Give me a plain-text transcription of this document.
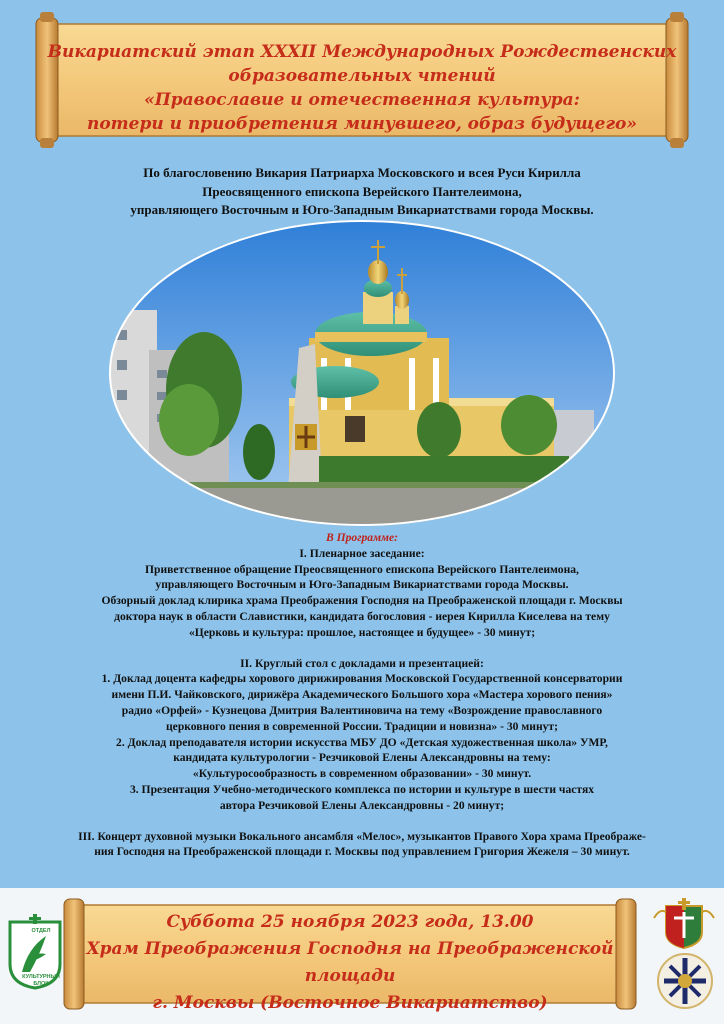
Викариатский этап XXXII Международных Рождественских
образовательных чтений
«Православие и отечественная культура:
потери и приобретения минувшего, образ будущего»
По благословению Викария Патриарха Московского и всея Руси Кирилла
Преосвященного епископа Верейского Пантелеимона,
управляющего Восточным и Юго-Западным Викариатствами города Москвы.
В Программе:
I. Пленарное заседание:
Приветственное обращение Преосвященного епископа Верейского Пантелеимона,
управляющего Восточным и Юго-Западным Викариатствами города Москвы.
Обзорный доклад клирика храма Преображения Господня на Преображенской площади г. Москвы
доктора наук в области Славистики, кандидата богословия - иерея Кирилла Киселева на тему
«Церковь и культура: прошлое, настоящее и будущее» - 30 минут;
II. Круглый стол с докладами и презентацией:
1. Доклад доцента кафедры хорового дирижирования Московской Государственной консерватории
имени П.И. Чайковского, дирижёра Академического Большого хора «Мастера хорового пения»
радио «Орфей» - Кузнецова Дмитрия Валентиновича на тему «Возрождение православного
церковного пения в современной России. Традиции и новизна» - 30 минут;
2. Доклад преподавателя истории искусства МБУ ДО «Детская художественная школа» УМР,
кандидата культурологии - Резчиковой Елены Александровны на тему:
«Культуросообразность в современном образовании» - 30 минут.
3. Презентация Учебно-методического комплекса по истории и культуре в шести частях
автора Резчиковой Елены Александровны - 20 минут;
III. Концерт духовной музыки Вокального ансамбля «Мелос», музыкантов Правого Хора храма Преображе-
ния Господня на Преображенской площади г. Москвы под управлением Григория Жежеля – 30 минут.
ОТДЕЛ
КУЛЬТУРНЫЙ
БЛОК
Суббота 25 ноября 2023 года, 13.00
Храм Преображения Господня на Преображенской площади
г. Москвы (Восточное Викариатство)
